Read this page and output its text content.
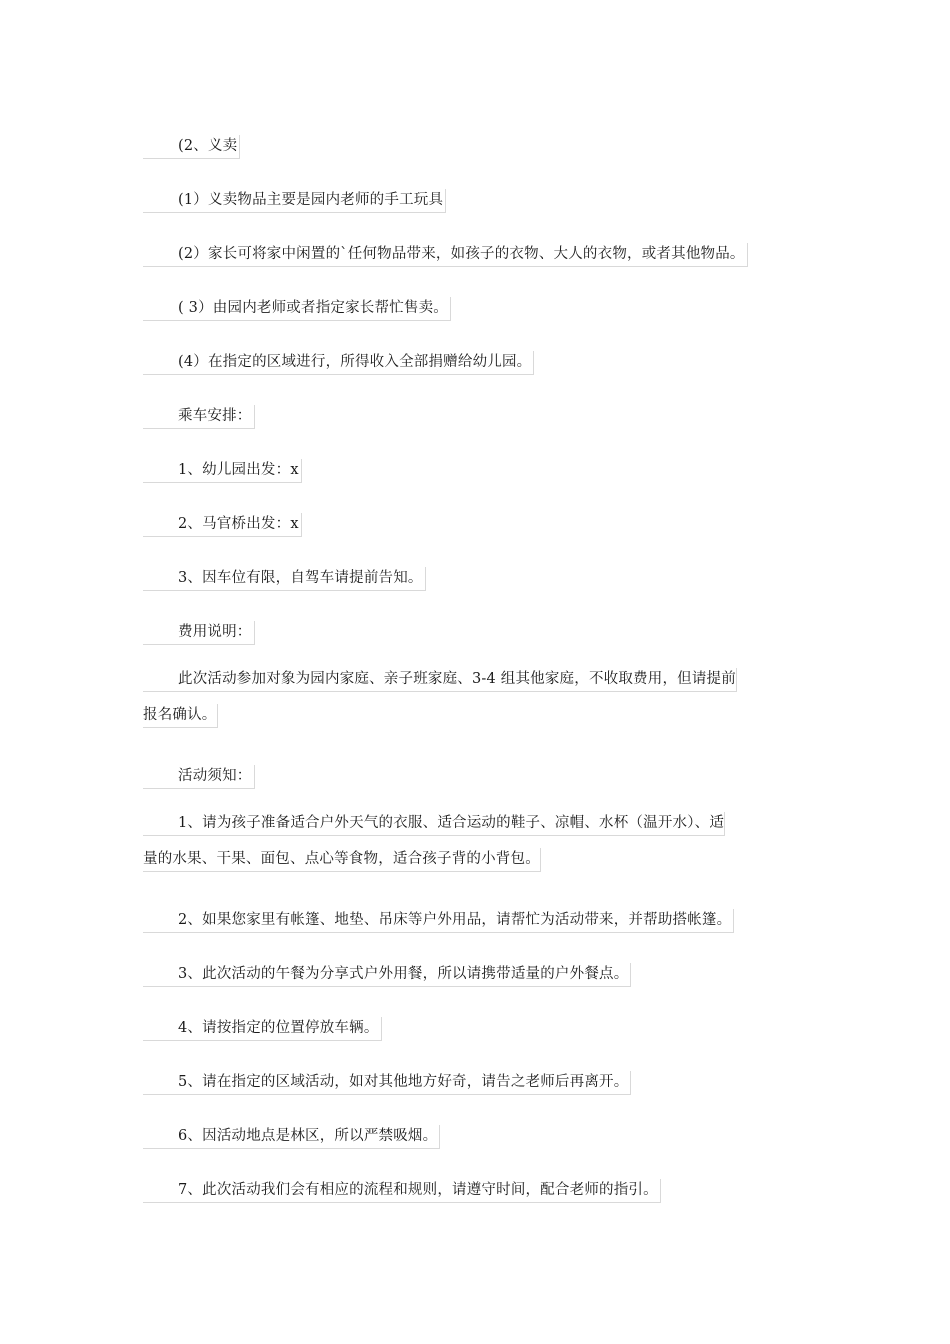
(2、义卖
(1）义卖物品主要是园内老师的手工玩具
(2）家长可将家中闲置的`任何物品带来，如孩子的衣物、大人的衣物，或者其他物品。
( 3）由园内老师或者指定家长帮忙售卖。
(4）在指定的区域进行，所得收入全部捐赠给幼儿园。
乘车安排：
1、幼儿园出发：x
2、马官桥出发：x
3、因车位有限，自驾车请提前告知。
费用说明：
此次活动参加对象为园内家庭、亲子班家庭、3-4 组其他家庭，不收取费用，但请提前
报名确认。
活动须知：
1、请为孩子准备适合户外天气的衣服、适合运动的鞋子、凉帽、水杯（温开水）、适
量的水果、干果、面包、点心等食物，适合孩子背的小背包。
2、如果您家里有帐篷、地垫、吊床等户外用品，请帮忙为活动带来，并帮助搭帐篷。
3、此次活动的午餐为分享式户外用餐，所以请携带适量的户外餐点。
4、请按指定的位置停放车辆。
5、请在指定的区域活动，如对其他地方好奇，请告之老师后再离开。
6、因活动地点是林区，所以严禁吸烟。
7、此次活动我们会有相应的流程和规则，请遵守时间，配合老师的指引。
